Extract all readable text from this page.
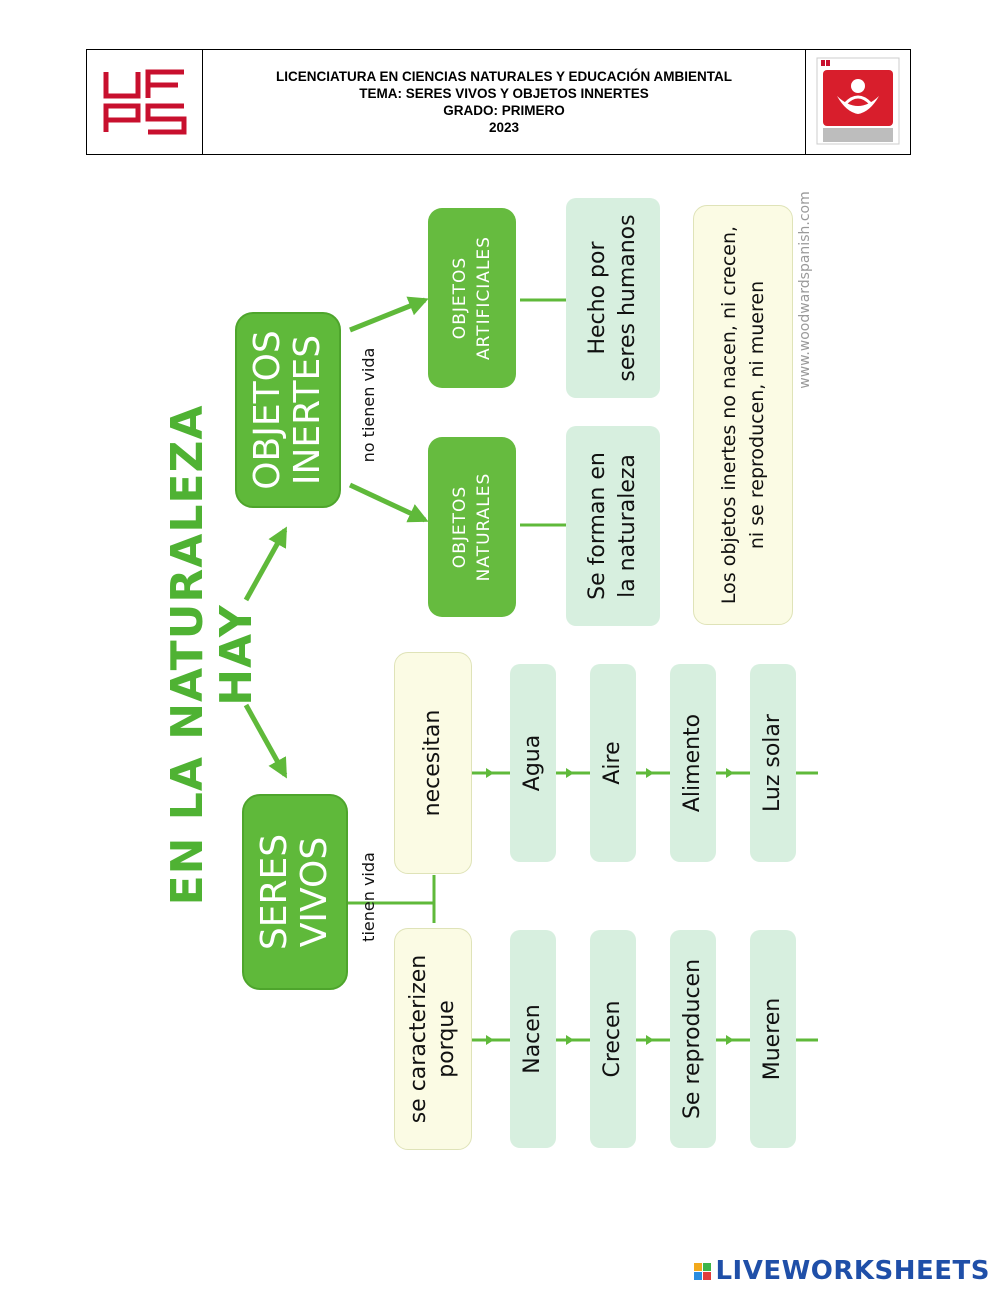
LICENCIATURA EN CIENCIAS NATURALES Y EDUCACIÓN AMBIENTAL
TEMA: SERES VIVOS Y OBJETOS INNERTES
GRADO: PRIMERO
2023
EN LA NATURALEZA
HAY
SERES VIVOS tienen vida
OBJETOS INERTES no tienen vida
OBJETOS NATURALES
OBJETOS ARTIFICIALES
Se forman en la naturaleza
Hecho por seres humanos	Los objetos inertes no nacen, ni crecen, ni se reproducen, ni mueren www.woodwardspanish.com
necesitan	Agua	Aire	Alimento	Luz solar
se caracterizen porque	Nacen	Crecen	Se reproducen	Mueren
LIVEWORKSHEETS
